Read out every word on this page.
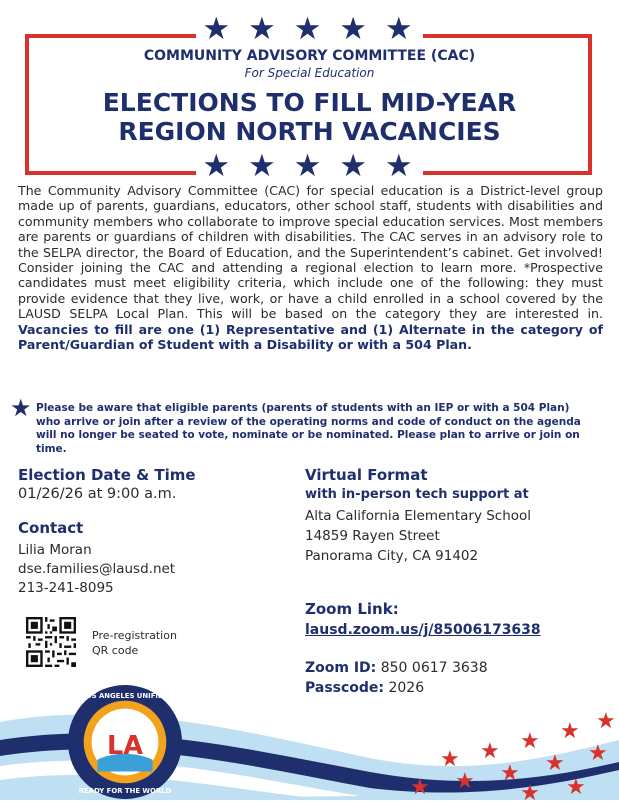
★ ★ ★ ★ ★
★ ★ ★ ★ ★
COMMUNITY ADVISORY COMMITTEE (CAC)
For Special Education
ELECTIONS TO FILL MID-YEAR
REGION NORTH VACANCIES
The Community Advisory Committee (CAC) for special education is a District-level group made up of parents, guardians, educators, other school staff, students with disabilities and community members who collaborate to improve special education services. Most members are parents or guardians of children with disabilities. The CAC serves in an advisory role to the SELPA director, the Board of Education, and the Superintendent’s cabinet. Get involved! Consider joining the CAC and attending a regional election to learn more. *Prospective candidates must meet eligibility criteria, which include one of the following: they must provide evidence that they live, work, or have a child enrolled in a school covered by the LAUSD SELPA Local Plan. This will be based on the category they are interested in. Vacancies to fill are one (1) Representative and (1) Alternate in the category of Parent/Guardian of Student with a Disability or with a 504 Plan.
★ Please be aware that eligible parents (parents of students with an IEP or with a 504 Plan) who arrive or join after a review of the operating norms and code of conduct on the agenda will no longer be seated to vote, nominate or be nominated. Please plan to arrive or join on time.
Election Date & Time
01/26/26 at 9:00 a.m.
Contact
Lilia Moran
dse.families@lausd.net
213-241-8095
Pre-registration
QR code
Virtual Format
with in-person tech support at
Alta California Elementary School
14859 Rayen Street
Panorama City, CA 91402
Zoom Link:
lausd.zoom.us/j/85006173638
Zoom ID: 850 0617 3638
Passcode: 2026
★ ★ ★ ★ ★
★ ★ ★ ★ ★
★ ★
LA
LOS ANGELES UNIFIED
READY FOR THE WORLD
